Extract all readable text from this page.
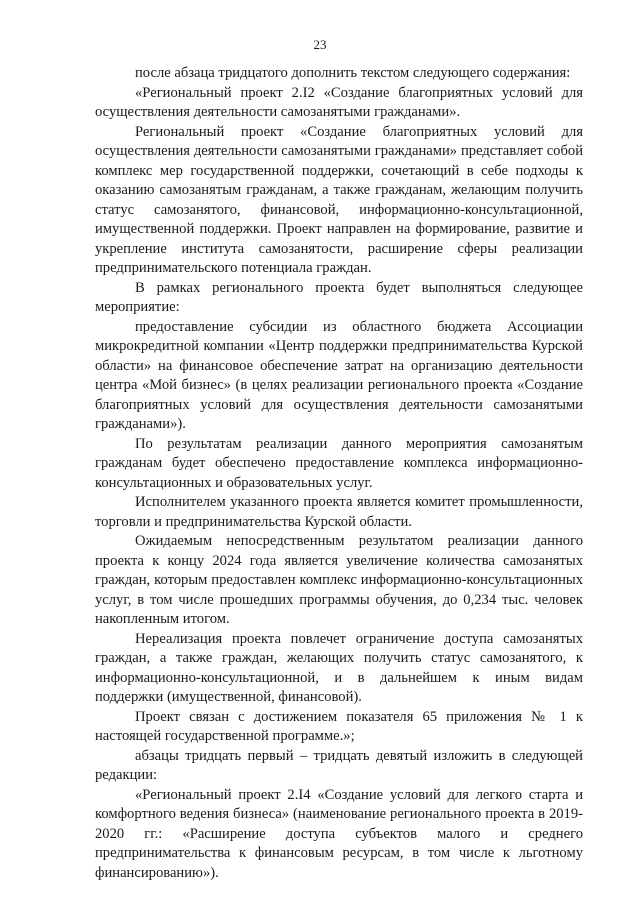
23

после абзаца тридцатого дополнить текстом следующего содержания:

«Региональный проект 2.I2 «Создание благоприятных условий для осуществления деятельности самозанятыми гражданами».

Региональный проект «Создание благоприятных условий для осуществления деятельности самозанятыми гражданами» представляет собой комплекс мер государственной поддержки, сочетающий в себе подходы к оказанию самозанятым гражданам, а также гражданам, желающим получить статус самозанятого, финансовой, информационно-консультационной, имущественной поддержки. Проект направлен на формирование, развитие и укрепление института самозанятости, расширение сферы реализации предпринимательского потенциала граждан.

В рамках регионального проекта будет выполняться следующее мероприятие:

предоставление субсидии из областного бюджета Ассоциации микрокредитной компании «Центр поддержки предпринимательства Курской области» на финансовое обеспечение затрат на организацию деятельности центра «Мой бизнес» (в целях реализации регионального проекта «Создание благоприятных условий для осуществления деятельности самозанятыми гражданами»).

По результатам реализации данного мероприятия самозанятым гражданам будет обеспечено предоставление комплекса информационно-консультационных и образовательных услуг.

Исполнителем указанного проекта является комитет промышленности, торговли и предпринимательства Курской области.

Ожидаемым непосредственным результатом реализации данного проекта к концу 2024 года является увеличение количества самозанятых граждан, которым предоставлен комплекс информационно-консультационных услуг, в том числе прошедших программы обучения, до 0,234 тыс. человек накопленным итогом.

Нереализация проекта повлечет ограничение доступа самозанятых граждан, а также граждан, желающих получить статус самозанятого, к информационно-консультационной, и в дальнейшем к иным видам поддержки (имущественной, финансовой).

Проект связан с достижением показателя 65 приложения № 1 к настоящей государственной программе.»;

абзацы тридцать первый – тридцать девятый изложить в следующей редакции:

«Региональный проект 2.I4 «Создание условий для легкого старта и комфортного ведения бизнеса» (наименование регионального проекта в 2019-2020 гг.: «Расширение доступа субъектов малого и среднего предпринимательства к финансовым ресурсам, в том числе к льготному финансированию»).
